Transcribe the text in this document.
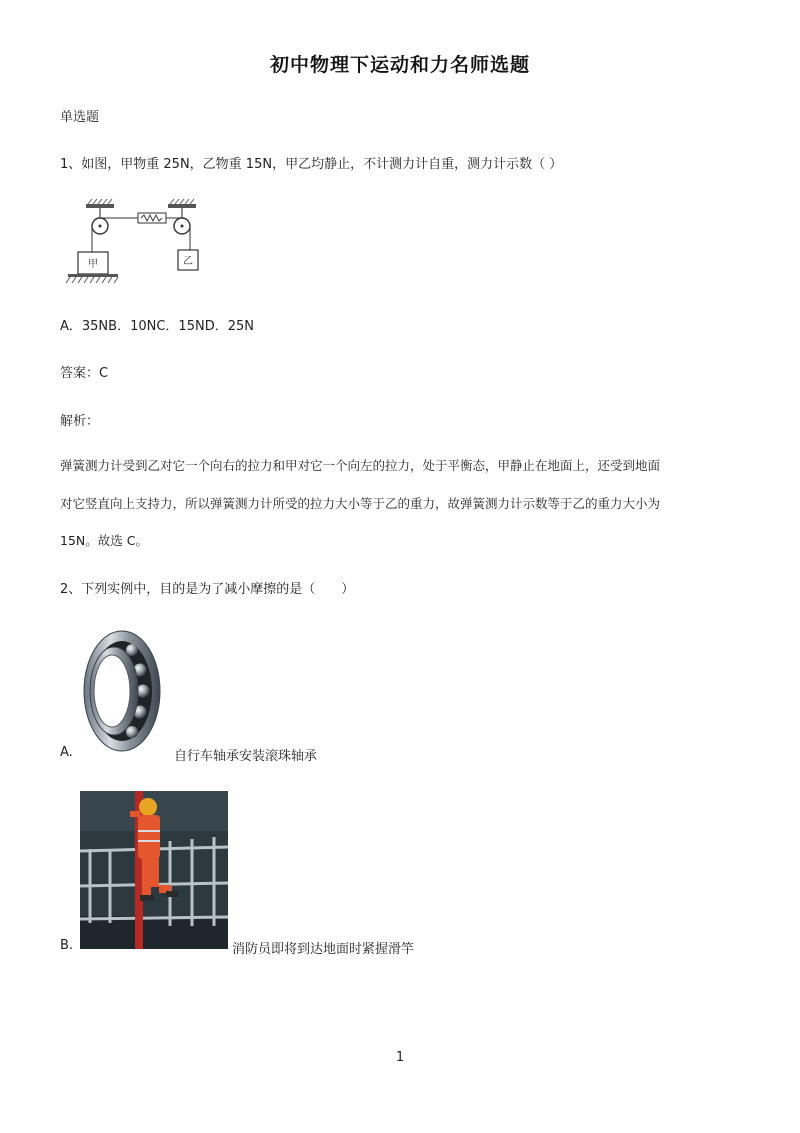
初中物理下运动和力名师选题
单选题
1、如图，甲物重 25N，乙物重 15N，甲乙均静止，不计测力计自重，测力计示数（ ）
甲	乙
A．35NB．10NC．15ND．25N
答案：C
解析：
弹簧测力计受到乙对它一个向右的拉力和甲对它一个向左的拉力，处于平衡态，甲静止在地面上，还受到地面
对它竖直向上支持力，所以弹簧测力计所受的拉力大小等于乙的重力，故弹簧测力计示数等于乙的重力大小为
15N。故选 C。
2、下列实例中，目的是为了减小摩擦的是（　　）
A.	自行车轴承安装滚珠轴承
B.	消防员即将到达地面时紧握滑竿
1
